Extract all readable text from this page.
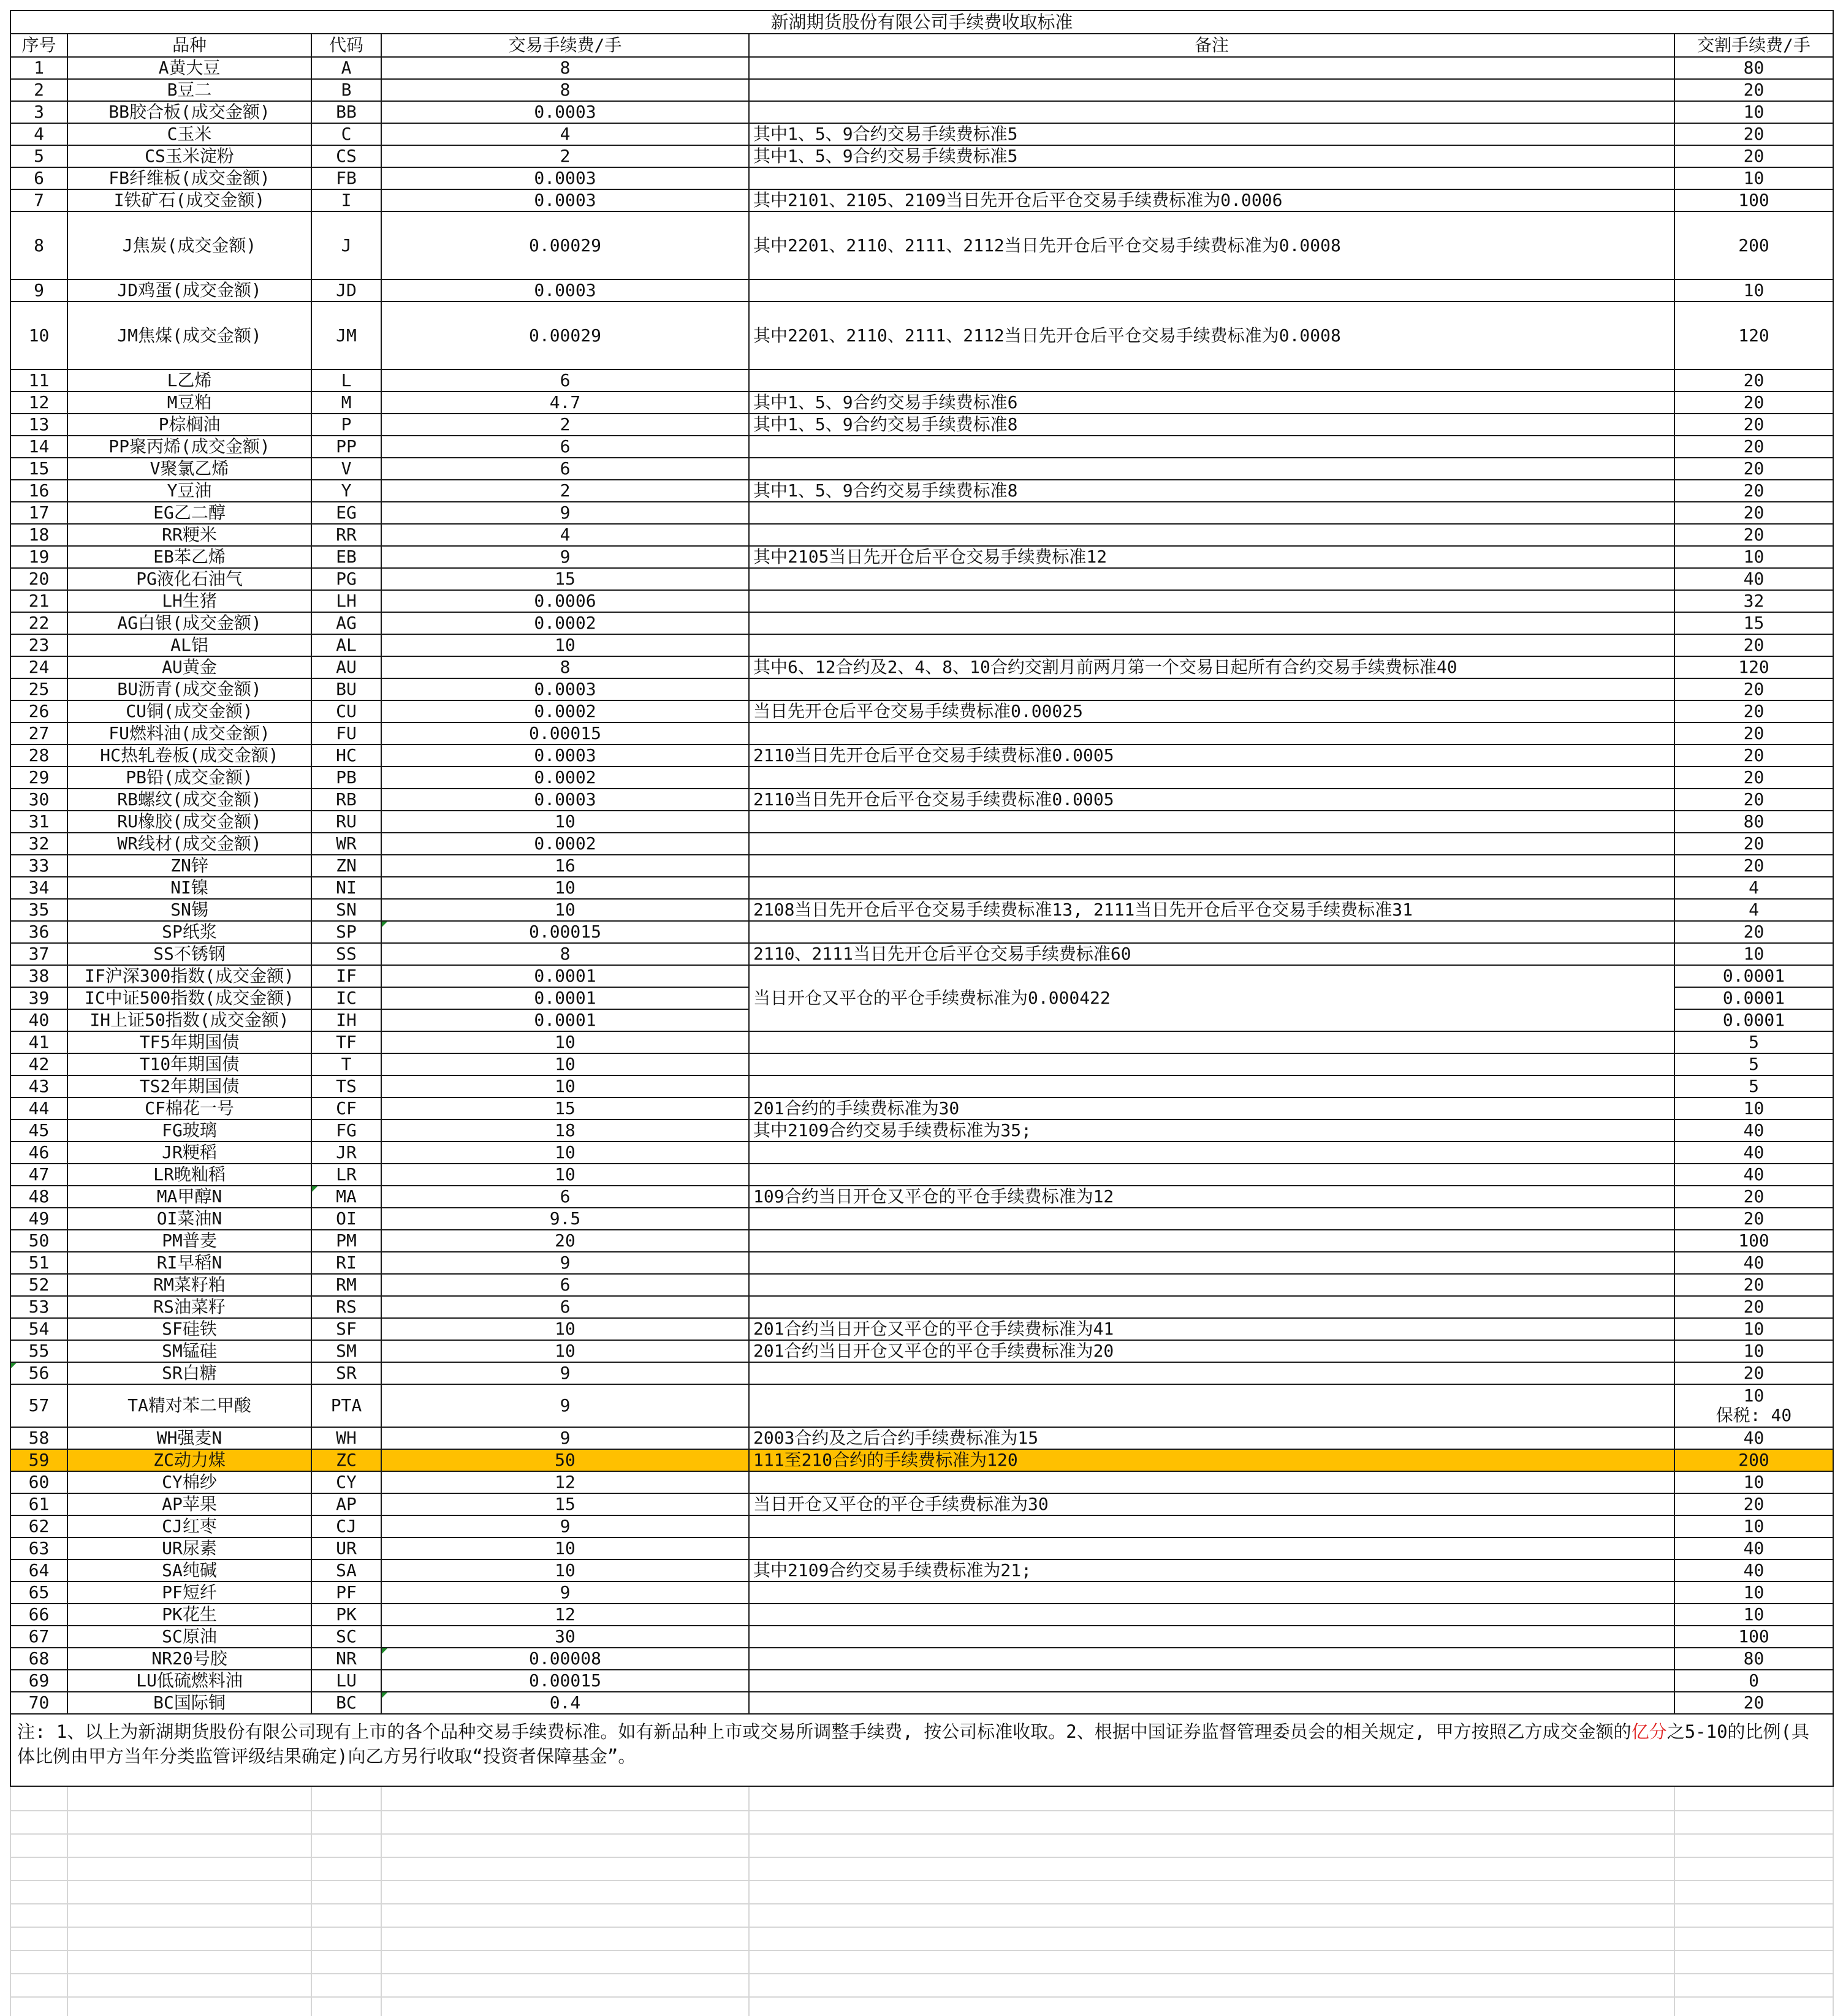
新湖期货股份有限公司手续费收取标准					
序号	品种	代码	交易手续费/手	备注	交割手续费/手
1	A黄大豆	A	8		80
2	B豆二	B	8		20
3	BB胶合板(成交金额)	BB	0.0003		10
4	C玉米	C	4	其中1、5、9合约交易手续费标准5	20
5	CS玉米淀粉	CS	2	其中1、5、9合约交易手续费标准5	20
6	FB纤维板(成交金额)	FB	0.0003		10
7	I铁矿石(成交金额)	I	0.0003	其中2101、2105、2109当日先开仓后平仓交易手续费标准为0.0006	100
8	J焦炭(成交金额)	J	0.00029	其中2201、2110、2111、2112当日先开仓后平仓交易手续费标准为0.0008	200
9	JD鸡蛋(成交金额)	JD	0.0003		10
10	JM焦煤(成交金额)	JM	0.00029	其中2201、2110、2111、2112当日先开仓后平仓交易手续费标准为0.0008	120
11	L乙烯	L	6		20
12	M豆粕	M	4.7	其中1、5、9合约交易手续费标准6	20
13	P棕榈油	P	2	其中1、5、9合约交易手续费标准8	20
14	PP聚丙烯(成交金额)	PP	6		20
15	V聚氯乙烯	V	6		20
16	Y豆油	Y	2	其中1、5、9合约交易手续费标准8	20
17	EG乙二醇	EG	9		20
18	RR粳米	RR	4		20
19	EB苯乙烯	EB	9	其中2105当日先开仓后平仓交易手续费标准12	10
20	PG液化石油气	PG	15		40
21	LH生猪	LH	0.0006		32
22	AG白银(成交金额)	AG	0.0002		15
23	AL铝	AL	10		20
24	AU黄金	AU	8	其中6、12合约及2、4、8、10合约交割月前两月第一个交易日起所有合约交易手续费标准40	120
25	BU沥青(成交金额)	BU	0.0003		20
26	CU铜(成交金额)	CU	0.0002	当日先开仓后平仓交易手续费标准0.00025	20
27	FU燃料油(成交金额)	FU	0.00015		20
28	HC热轧卷板(成交金额)	HC	0.0003	2110当日先开仓后平仓交易手续费标准0.0005	20
29	PB铅(成交金额)	PB	0.0002		20
30	RB螺纹(成交金额)	RB	0.0003	2110当日先开仓后平仓交易手续费标准0.0005	20
31	RU橡胶(成交金额)	RU	10		80
32	WR线材(成交金额)	WR	0.0002		20
33	ZN锌	ZN	16		20
34	NI镍	NI	10		4
35	SN锡	SN	10	2108当日先开仓后平仓交易手续费标准13, 2111当日先开仓后平仓交易手续费标准31	4
36	SP纸浆	SP	0.00015		20
37	SS不锈钢	SS	8	2110、2111当日先开仓后平仓交易手续费标准60	10
38	IF沪深300指数(成交金额)	IF	0.0001	当日开仓又平仓的平仓手续费标准为0.000422	0.0001
39	IC中证500指数(成交金额)	IC	0.0001		0.0001
40	IH上证50指数(成交金额)	IH	0.0001		0.0001
41	TF5年期国债	TF	10		5
42	T10年期国债	T	10		5
43	TS2年期国债	TS	10		5
44	CF棉花一号	CF	15	201合约的手续费标准为30	10
45	FG玻璃	FG	18	其中2109合约交易手续费标准为35;	40
46	JR粳稻	JR	10		40
47	LR晚籼稻	LR	10		40
48	MA甲醇N	MA	6	109合约当日开仓又平仓的平仓手续费标准为12	20
49	OI菜油N	OI	9.5		20
50	PM普麦	PM	20		100
51	RI早稻N	RI	9		40
52	RM菜籽粕	RM	6		20
53	RS油菜籽	RS	6		20
54	SF硅铁	SF	10	201合约当日开仓又平仓的平仓手续费标准为41	10
55	SM锰硅	SM	10	201合约当日开仓又平仓的平仓手续费标准为20	10
56	SR白糖	SR	9		20
57	TA精对苯二甲酸	PTA	9		10
保税: 40

58	WH强麦N	WH	9	2003合约及之后合约手续费标准为15	40
59	ZC动力煤	ZC	50	111至210合约的手续费标准为120	200
60	CY棉纱	CY	12		10
61	AP苹果	AP	15	当日开仓又平仓的平仓手续费标准为30	20
62	CJ红枣	CJ	9		10
63	UR尿素	UR	10		40
64	SA纯碱	SA	10	其中2109合约交易手续费标准为21;	40
65	PF短纤	PF	9		10
66	PK花生	PK	12		10
67	SC原油	SC	30		100
68	NR20号胶	NR	0.00008		80
69	LU低硫燃料油	LU	0.00015		0
70	BC国际铜	BC	0.4		20
注: 1、以上为新湖期货股份有限公司现有上市的各个品种交易手续费标准。如有新品种上市或交易所调整手续费, 按公司标准收取。2、根据中国证券监督管理委员会的相关规定, 甲方按照乙方成交金额的亿分之5-10的比例(具体比例由甲方当年分类监管评级结果确定)向乙方另行收取“投资者保障基金”。					
